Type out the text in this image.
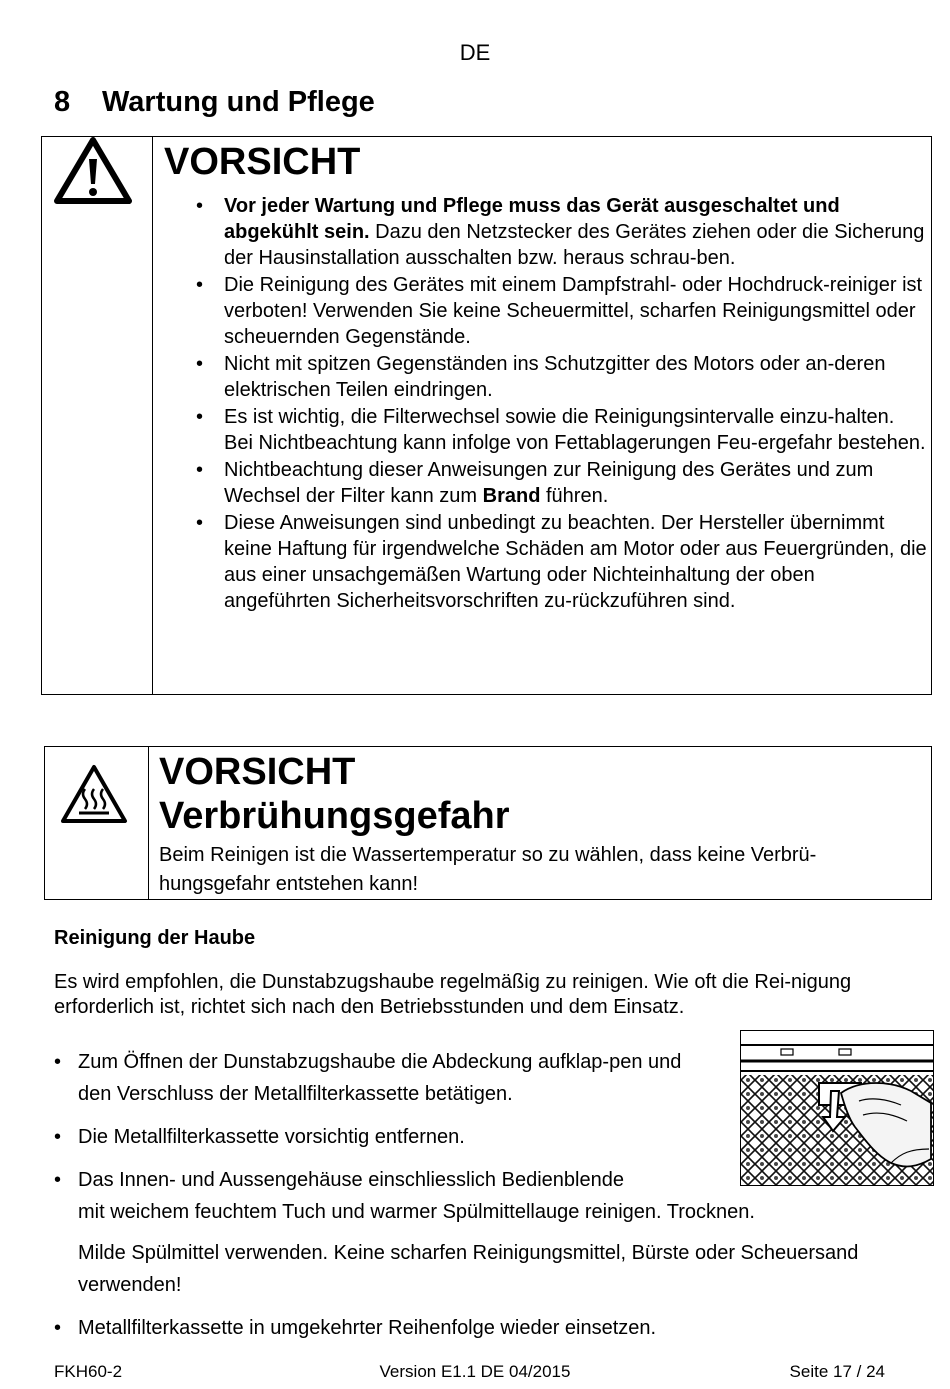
DE
8 Wartung und Pflege
VORSICHT
• Vor jeder Wartung und Pflege muss das Gerät ausgeschaltet und abgekühlt sein. Dazu den Netzstecker des Gerätes ziehen oder die Sicherung der Hausinstallation ausschalten bzw. heraus schrau-ben.
• Die Reinigung des Gerätes mit einem Dampfstrahl- oder Hochdruck-reiniger ist verboten! Verwenden Sie keine Scheuermittel, scharfen Reinigungsmittel oder scheuernden Gegenstände.
• Nicht mit spitzen Gegenständen ins Schutzgitter des Motors oder an-deren elektrischen Teilen eindringen.
• Es ist wichtig, die Filterwechsel sowie die Reinigungsintervalle einzu-halten. Bei Nichtbeachtung kann infolge von Fettablagerungen Feu-ergefahr bestehen.
• Nichtbeachtung dieser Anweisungen zur Reinigung des Gerätes und zum Wechsel der Filter kann zum Brand führen.
• Diese Anweisungen sind unbedingt zu beachten. Der Hersteller übernimmt keine Haftung für irgendwelche Schäden am Motor oder aus Feuergründen, die aus einer unsachgemäßen Wartung oder Nichteinhaltung der oben angeführten Sicherheitsvorschriften zu-rückzuführen sind.
VORSICHT
Verbrühungsgefahr
Beim Reinigen ist die Wassertemperatur so zu wählen, dass keine Verbrü-hungsgefahr entstehen kann!
Reinigung der Haube
Es wird empfohlen, die Dunstabzugshaube regelmäßig zu reinigen. Wie oft die Rei-nigung erforderlich ist, richtet sich nach den Betriebsstunden und dem Einsatz.
• Zum Öffnen der Dunstabzugshaube die Abdeckung aufklap-pen und den Verschluss der Metallfilterkassette betätigen.
• Die Metallfilterkassette vorsichtig entfernen.
• Das Innen- und Aussengehäuse einschliesslich Bedienblende
mit weichem feuchtem Tuch und warmer Spülmittellauge reinigen. Trocknen.
Milde Spülmittel verwenden. Keine scharfen Reinigungsmittel, Bürste oder Scheuersand verwenden!
• Metallfilterkassette in umgekehrter Reihenfolge wieder einsetzen.
FKH60-2	Version E1.1 DE 04/2015	Seite 17 / 24
